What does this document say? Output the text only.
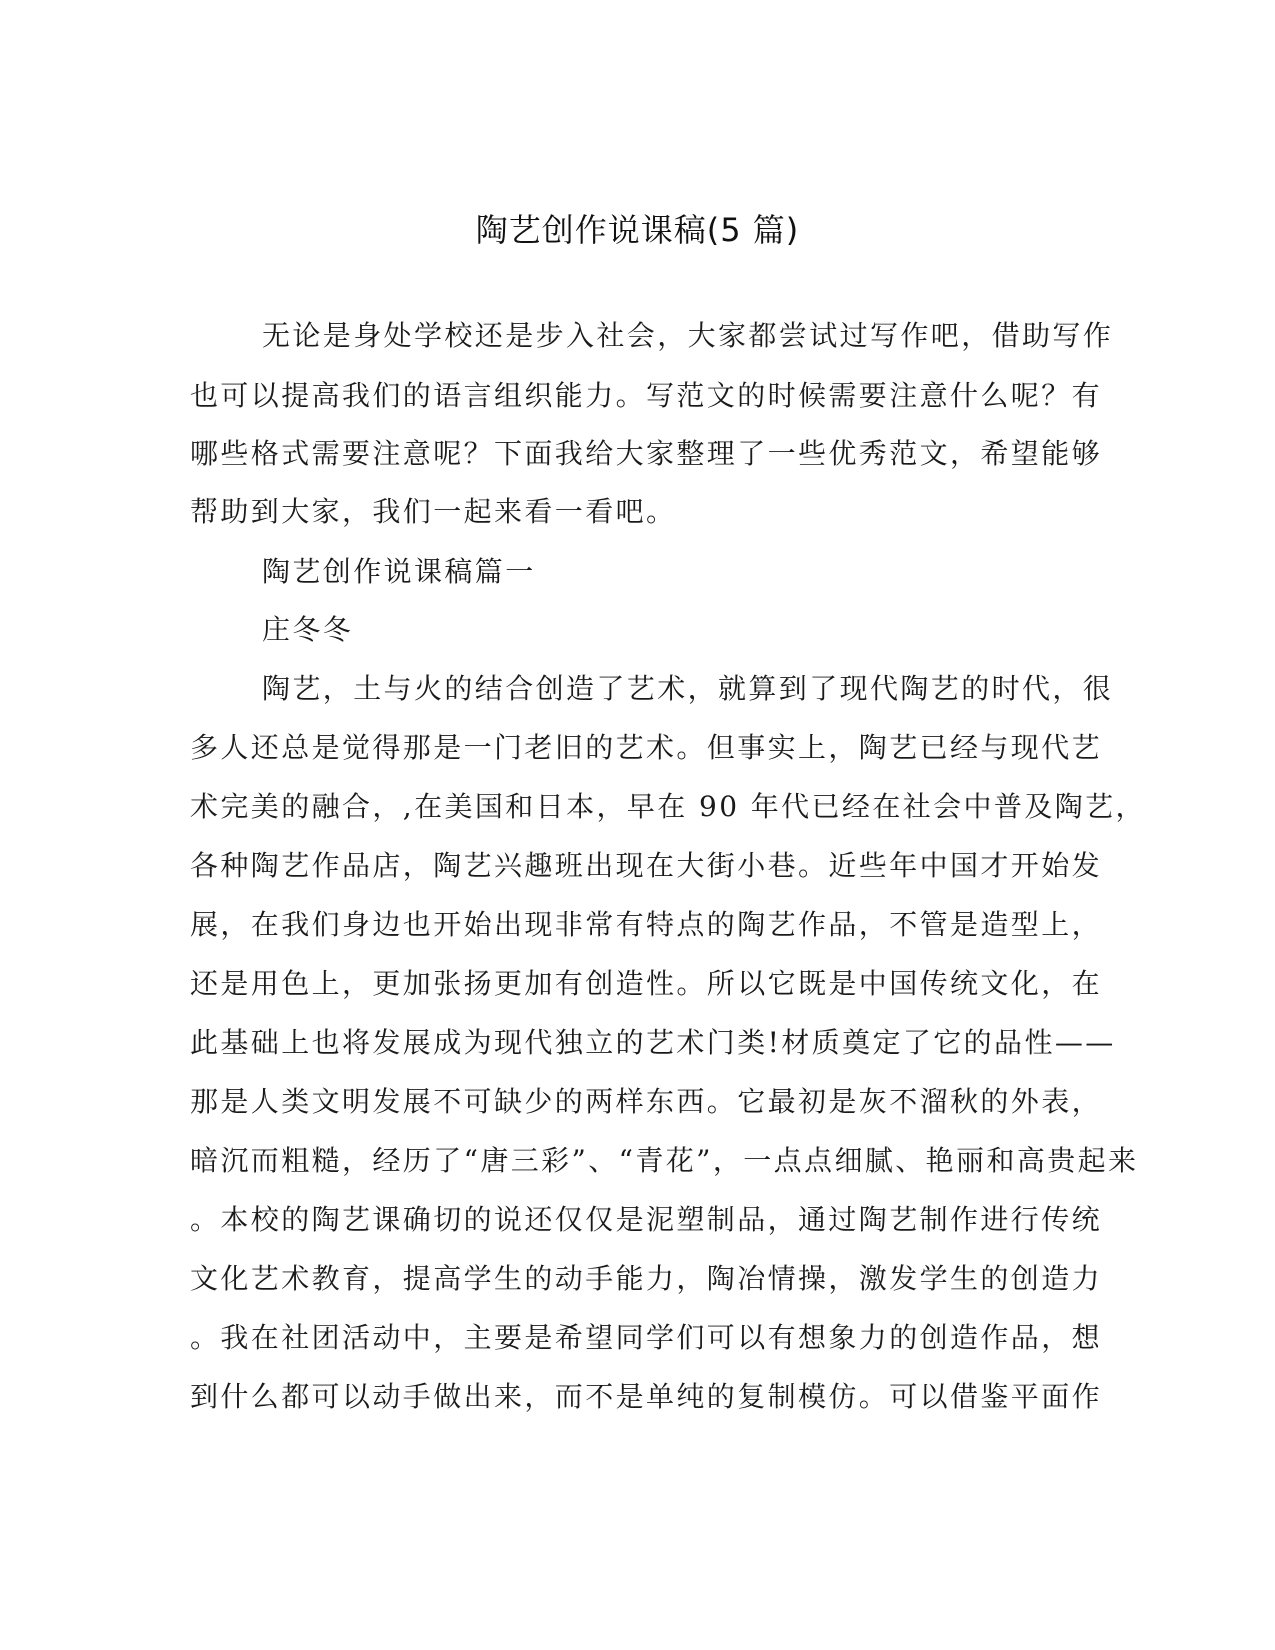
陶艺创作说课稿(5 篇)
无论是身处学校还是步入社会，大家都尝试过写作吧，借助写作
也可以提高我们的语言组织能力。写范文的时候需要注意什么呢？有
哪些格式需要注意呢？下面我给大家整理了一些优秀范文，希望能够
帮助到大家，我们一起来看一看吧。
陶艺创作说课稿篇一
庄冬冬
陶艺，土与火的结合创造了艺术，就算到了现代陶艺的时代，很
多人还总是觉得那是一门老旧的艺术。但事实上，陶艺已经与现代艺
术完美的融合，,在美国和日本，早在 90 年代已经在社会中普及陶艺，
各种陶艺作品店，陶艺兴趣班出现在大街小巷。近些年中国才开始发
展，在我们身边也开始出现非常有特点的陶艺作品，不管是造型上，
还是用色上，更加张扬更加有创造性。所以它既是中国传统文化，在
此基础上也将发展成为现代独立的艺术门类!材质奠定了它的品性——
那是人类文明发展不可缺少的两样东西。它最初是灰不溜秋的外表，
暗沉而粗糙，经历了“唐三彩”、“青花”，一点点细腻、艳丽和高贵起来
。本校的陶艺课确切的说还仅仅是泥塑制品，通过陶艺制作进行传统
文化艺术教育，提高学生的动手能力，陶冶情操，激发学生的创造力
。我在社团活动中，主要是希望同学们可以有想象力的创造作品，想
到什么都可以动手做出来，而不是单纯的复制模仿。可以借鉴平面作
